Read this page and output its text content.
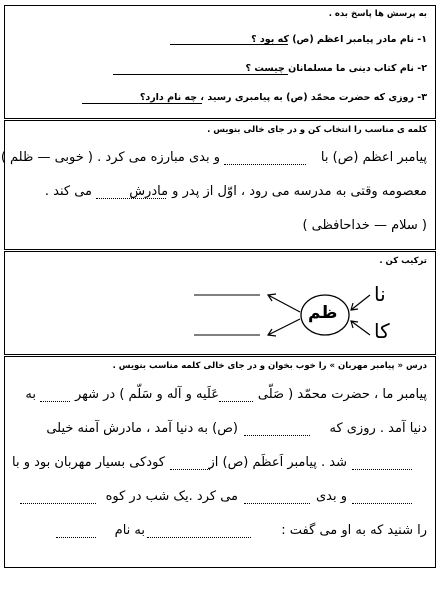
به پرسش ها پاسخ بده .
۱- نام مادر پیامبر اعظم (ص) که بود ؟
۲- نام کتاب دینی ما مسلمانان چیست ؟
۳- روزی که حضرت محمّد (ص) به پیامبری رسید ، چه نام دارد؟
کلمه ی مناسب را انتخاب کن و در جای خالی بنویس .
پیامبر اعظم (ص) با
و بدی مبارزه می کرد . ( خوبی — ظلم )
معصومه وقتی به مدرسه می رود ، اوّل از پدر و مادرش
می کند .
( سلام — خداحافظی )
ترکیب کن .
ظم
نا
کا
درس « پیامبر مهربان » را خوب بخوان و در جای خالی کلمه مناسب بنویس .
پیامبر ما ، حضرت محمّد ( صَلّی
عَلَیه و آله و سَلّم ) در شهر
به
دنیا آمد . روزی که
(ص) به دنیا آمد ، مادرش آمنه خیلی
شد . پیامبر اَعظَم (ص) از
کودکی بسیار مهربان بود و با
و بدی
می کرد .یک شب در کوه
را شنید که به او می گفت :
به نام
